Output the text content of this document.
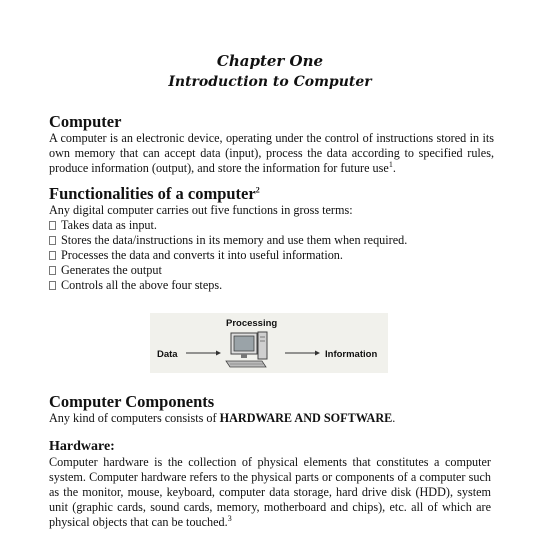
Chapter One
Introduction to Computer
Computer

A computer is an electronic device, operating under the control of instructions stored in its own memory that can accept data (input), process the data according to specified rules, produce information (output), and store the information for future use$^1$.

Functionalities of a computer$^2$

Any digital computer carries out five functions in gross terms:

Takes data as input.
Stores the data/instructions in its memory and use them when required.
Processes the data and converts it into useful information.
Generates the output
Controls all the above four steps.
Processing
Data	Information
Computer Components

Any kind of computers consists of HARDWARE AND SOFTWARE.

Hardware:

Computer hardware is the collection of physical elements that constitutes a computer system. Computer hardware refers to the physical parts or components of a computer such as the monitor, mouse, keyboard, computer data storage, hard drive disk (HDD), system unit (graphic cards, sound cards, memory, motherboard and chips), etc. all of which are physical objects that can be touched.$^3$
